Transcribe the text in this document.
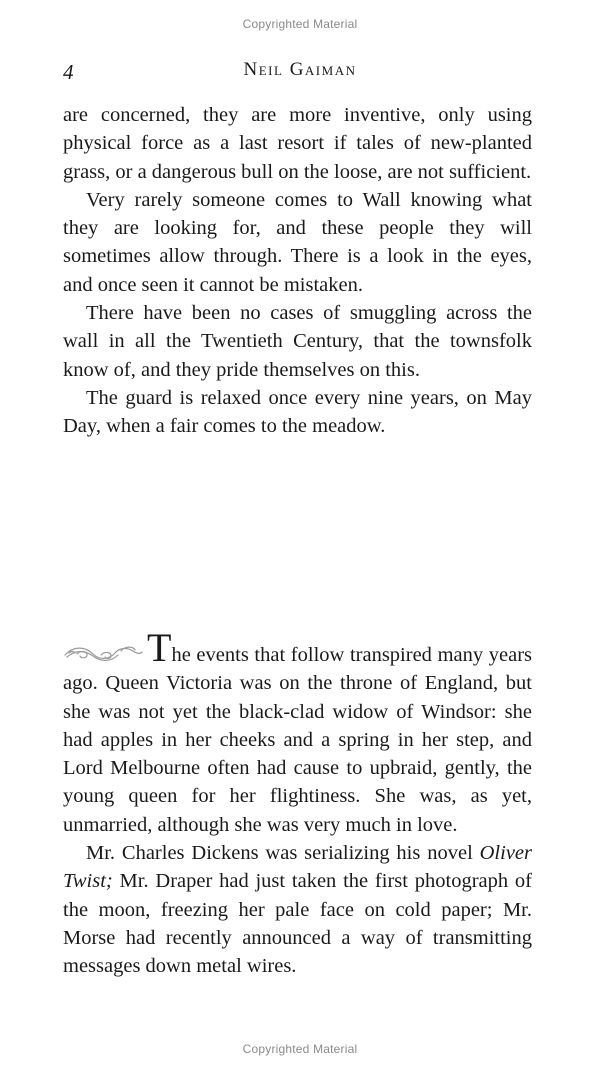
Copyrighted Material
4	Neil Gaiman

are concerned, they are more inventive, only using physical force as a last resort if tales of new-planted grass, or a dangerous bull on the loose, are not sufficient.

Very rarely someone comes to Wall knowing what they are looking for, and these people they will sometimes allow through. There is a look in the eyes, and once seen it cannot be mistaken.

There have been no cases of smuggling across the wall in all the Twentieth Century, that the townsfolk know of, and they pride themselves on this.

The guard is relaxed once every nine years, on May Day, when a fair comes to the meadow.

The events that follow transpired many years ago. Queen Victoria was on the throne of England, but she was not yet the black-clad widow of Windsor: she had apples in her cheeks and a spring in her step, and Lord Melbourne often had cause to upbraid, gently, the young queen for her flightiness. She was, as yet, unmarried, although she was very much in love.

Mr. Charles Dickens was serializing his novel Oliver Twist; Mr. Draper had just taken the first photograph of the moon, freezing her pale face on cold paper; Mr. Morse had recently announced a way of transmitting messages down metal wires.

Copyrighted Material
